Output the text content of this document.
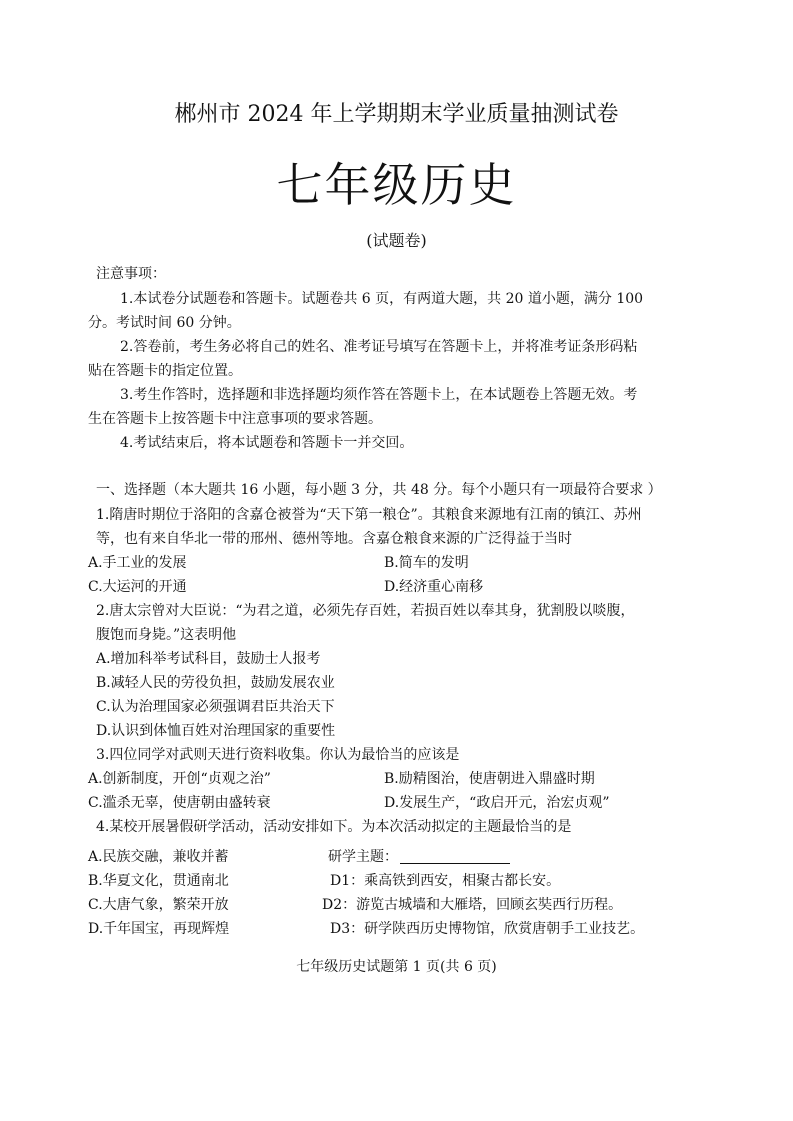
郴州市 2024 年上学期期末学业质量抽测试卷
七年级历史
(试题卷)
注意事项：
1.本试卷分试题卷和答题卡。试题卷共 6 页，有两道大题，共 20 道小题，满分 100
分。考试时间 60 分钟。
2.答卷前，考生务必将自己的姓名、准考证号填写在答题卡上，并将准考证条形码粘
贴在答题卡的指定位置。
3.考生作答时，选择题和非选择题均须作答在答题卡上，在本试题卷上答题无效。考
生在答题卡上按答题卡中注意事项的要求答题。
4.考试结束后，将本试题卷和答题卡一并交回。
一、选择题（本大题共 16 小题，每小题 3 分，共 48 分。每个小题只有一项最符合要求 ）
1.隋唐时期位于洛阳的含嘉仓被誉为“天下第一粮仓”。其粮食来源地有江南的镇江、苏州
等，也有来自华北一带的邢州、德州等地。含嘉仓粮食来源的广泛得益于当时
A.手工业的发展	B.简车的发明
C.大运河的开通	D.经济重心南移
2.唐太宗曾对大臣说：“为君之道，必须先存百姓，若损百姓以奉其身，犹割股以啖腹，
腹饱而身毙。”这表明他
A.增加科举考试科目，鼓励士人报考
B.减轻人民的劳役负担，鼓励发展农业
C.认为治理国家必须强调君臣共治天下
D.认识到体恤百姓对治理国家的重要性
3.四位同学对武则天进行资料收集。你认为最恰当的应该是
A.创新制度，开创“贞观之治”	B.励精图治，使唐朝进入鼎盛时期
C.滥杀无辜，使唐朝由盛转衰	D.发展生产，“政启开元，治宏贞观”
4.某校开展暑假研学活动，活动安排如下。为本次活动拟定的主题最恰当的是
A.民族交融，兼收并蓄
B.华夏文化，贯通南北
C.大唐气象，繁荣开放
D.千年国宝，再现辉煌
研学主题：
D1：乘高铁到西安，相聚古都长安。
D2：游览古城墙和大雁塔，回顾玄奘西行历程。
D3：研学陕西历史博物馆，欣赏唐朝手工业技艺。
七年级历史试题第 1 页(共 6 页)
